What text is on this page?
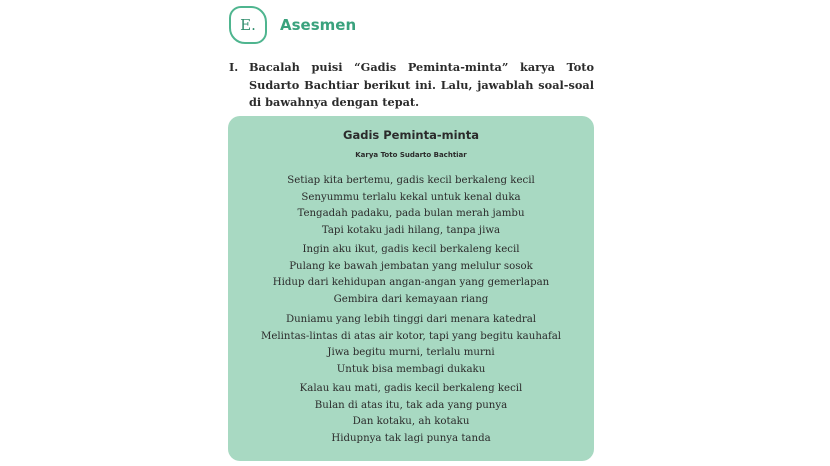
E. Asesmen
I. Bacalah puisi “Gadis Peminta-minta” karya Toto Sudarto Bachtiar berikut ini. Lalu, jawablah soal-soal di bawahnya dengan tepat.
Gadis Peminta-minta
Karya Toto Sudarto Bachtiar
Setiap kita bertemu, gadis kecil berkaleng kecil
Senyummu terlalu kekal untuk kenal duka
Tengadah padaku, pada bulan merah jambu
Tapi kotaku jadi hilang, tanpa jiwa
Ingin aku ikut, gadis kecil berkaleng kecil
Pulang ke bawah jembatan yang melulur sosok
Hidup dari kehidupan angan-angan yang gemerlapan
Gembira dari kemayaan riang
Duniamu yang lebih tinggi dari menara katedral
Melintas-lintas di atas air kotor, tapi yang begitu kauhafal
Jiwa begitu murni, terlalu murni
Untuk bisa membagi dukaku
Kalau kau mati, gadis kecil berkaleng kecil
Bulan di atas itu, tak ada yang punya
Dan kotaku, ah kotaku
Hidupnya tak lagi punya tanda
